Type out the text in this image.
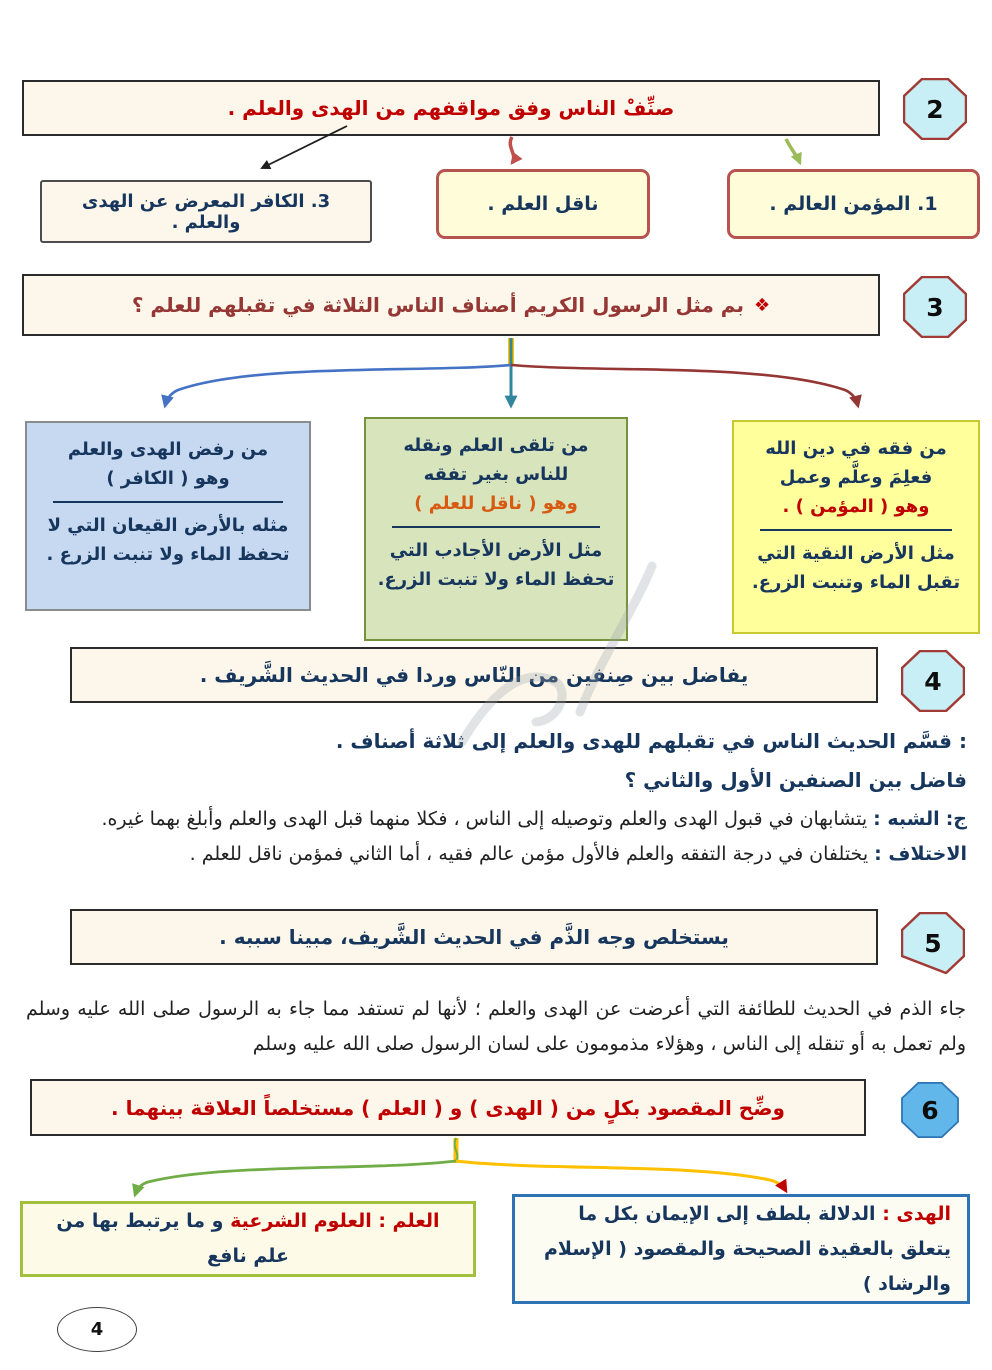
صنِّفْ الناس وفق مواقفهم من الهدى والعلم .	2
1. المؤمن العالم .
ناقل العلم .
3. الكافر المعرض عن الهدى والعلم .
❖
بم مثل الرسول الكريم أصناف الناس الثلاثة في تقبلهم للعلم ؟	3
من فقه في دين الله فعلِمَ وعلَّم وعمل
وهو ( المؤمن ) .
مثل الأرض النقية التي تقبل الماء وتنبت الزرع.
من تلقى العلم ونقله للناس بغير تفقه
وهو ( ناقل للعلم )
مثل الأرض الأجادب التي تحفظ الماء ولا تنبت الزرع.
من رفض الهدى والعلم
وهو ( الكافر )
مثله بالأرض القيعان التي لا تحفظ الماء ولا تنبت الزرع .
يفاضل بين صِنفين من النّاس وردا في الحديث الشَّريف .	4
: قسَّم الحديث الناس في تقبلهم للهدى والعلم إلى ثلاثة أصناف .
فاضل بين الصنفين الأول والثاني ؟
ج: الشبه : يتشابهان في قبول الهدى والعلم وتوصيله إلى الناس ، فكلا منهما قبل الهدى والعلم وأبلغ بهما غيره.
الاختلاف : يختلفان في درجة التفقه والعلم فالأول مؤمن عالم فقيه ، أما الثاني فمؤمن ناقل للعلم .
يستخلص وجه الذَّم في الحديث الشَّريف، مبينا سببه .	5
جاء الذم في الحديث للطائفة التي أعرضت عن الهدى والعلم ؛ لأنها لم تستفد مما جاء به الرسول صلى الله عليه وسلم ولم تعمل به أو تنقله إلى الناس ، وهؤلاء مذمومون على لسان الرسول صلى الله عليه وسلم
وضِّح المقصود بكلٍ من ( الهدى ) و ( العلم ) مستخلصاً العلاقة بينهما .	6
الهدى : الدلالة بلطف إلى الإيمان بكل ما يتعلق بالعقيدة الصحيحة والمقصود ( الإسلام والرشاد )
العلم : العلوم الشرعية و ما يرتبط بها من علم نافع
4
